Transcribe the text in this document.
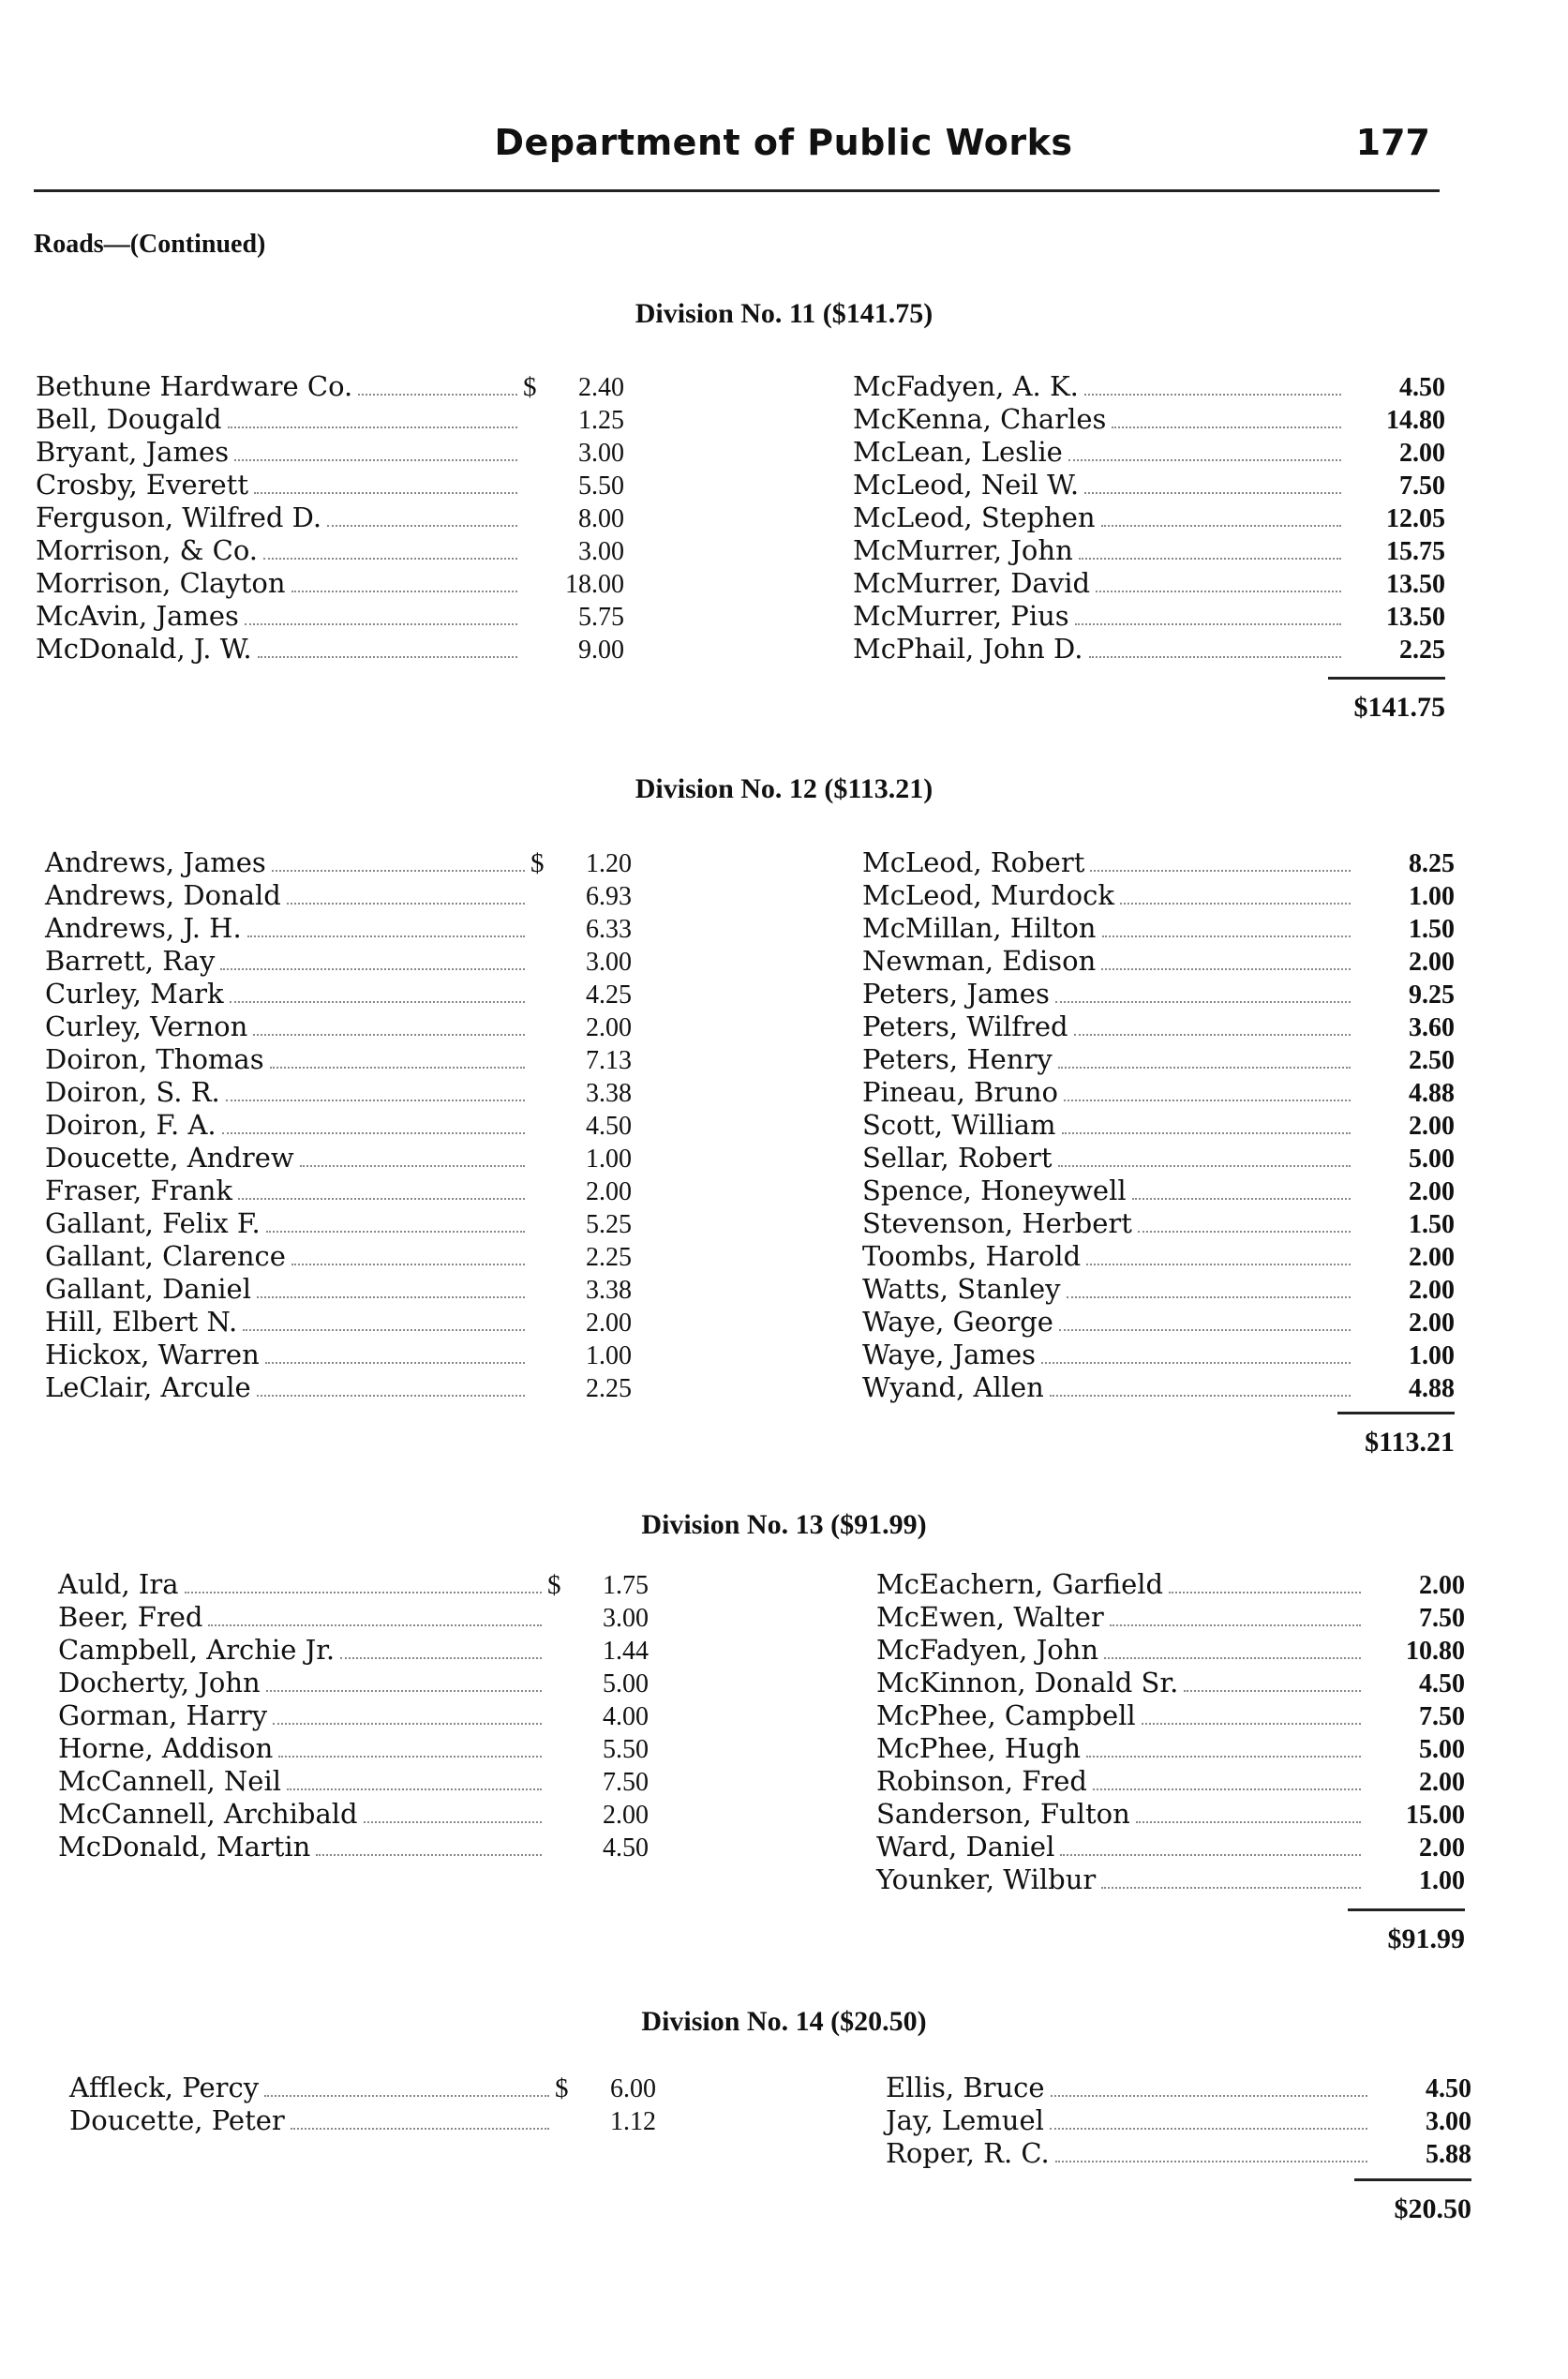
Department of Public Works	177
Roads—(Continued)
Division No. 11 ($141.75)
Bethune Hardware Co.	$	2.40
Bell, Dougald	1.25
Bryant, James	3.00
Crosby, Everett	5.50
Ferguson, Wilfred D.	8.00
Morrison, & Co.	3.00
Morrison, Clayton	18.00
McAvin, James	5.75
McDonald, J. W.	9.00
McFadyen, A. K.	4.50
McKenna, Charles	14.80
McLean, Leslie	2.00
McLeod, Neil W.	7.50
McLeod, Stephen	12.05
McMurrer, John	15.75
McMurrer, David	13.50
McMurrer, Pius	13.50
McPhail, John D.	2.25
$141.75
Division No. 12 ($113.21)
Andrews, James	$	1.20
Andrews, Donald	6.93
Andrews, J. H.	6.33
Barrett, Ray	3.00
Curley, Mark	4.25
Curley, Vernon	2.00
Doiron, Thomas	7.13
Doiron, S. R.	3.38
Doiron, F. A.	4.50
Doucette, Andrew	1.00
Fraser, Frank	2.00
Gallant, Felix F.	5.25
Gallant, Clarence	2.25
Gallant, Daniel	3.38
Hill, Elbert N.	2.00
Hickox, Warren	1.00
LeClair, Arcule	2.25
McLeod, Robert	8.25
McLeod, Murdock	1.00
McMillan, Hilton	1.50
Newman, Edison	2.00
Peters, James	9.25
Peters, Wilfred	3.60
Peters, Henry	2.50
Pineau, Bruno	4.88
Scott, William	2.00
Sellar, Robert	5.00
Spence, Honeywell	2.00
Stevenson, Herbert	1.50
Toombs, Harold	2.00
Watts, Stanley	2.00
Waye, George	2.00
Waye, James	1.00
Wyand, Allen	4.88
$113.21
Division No. 13 ($91.99)
Auld, Ira	$	1.75
Beer, Fred	3.00
Campbell, Archie Jr.	1.44
Docherty, John	5.00
Gorman, Harry	4.00
Horne, Addison	5.50
McCannell, Neil	7.50
McCannell, Archibald	2.00
McDonald, Martin	4.50
McEachern, Garfield	2.00
McEwen, Walter	7.50
McFadyen, John	10.80
McKinnon, Donald Sr.	4.50
McPhee, Campbell	7.50
McPhee, Hugh	5.00
Robinson, Fred	2.00
Sanderson, Fulton	15.00
Ward, Daniel	2.00
Younker, Wilbur	1.00
$91.99
Division No. 14 ($20.50)
Affleck, Percy	$	6.00
Doucette, Peter	1.12
Ellis, Bruce	4.50
Jay, Lemuel	3.00
Roper, R. C.	5.88
$20.50
